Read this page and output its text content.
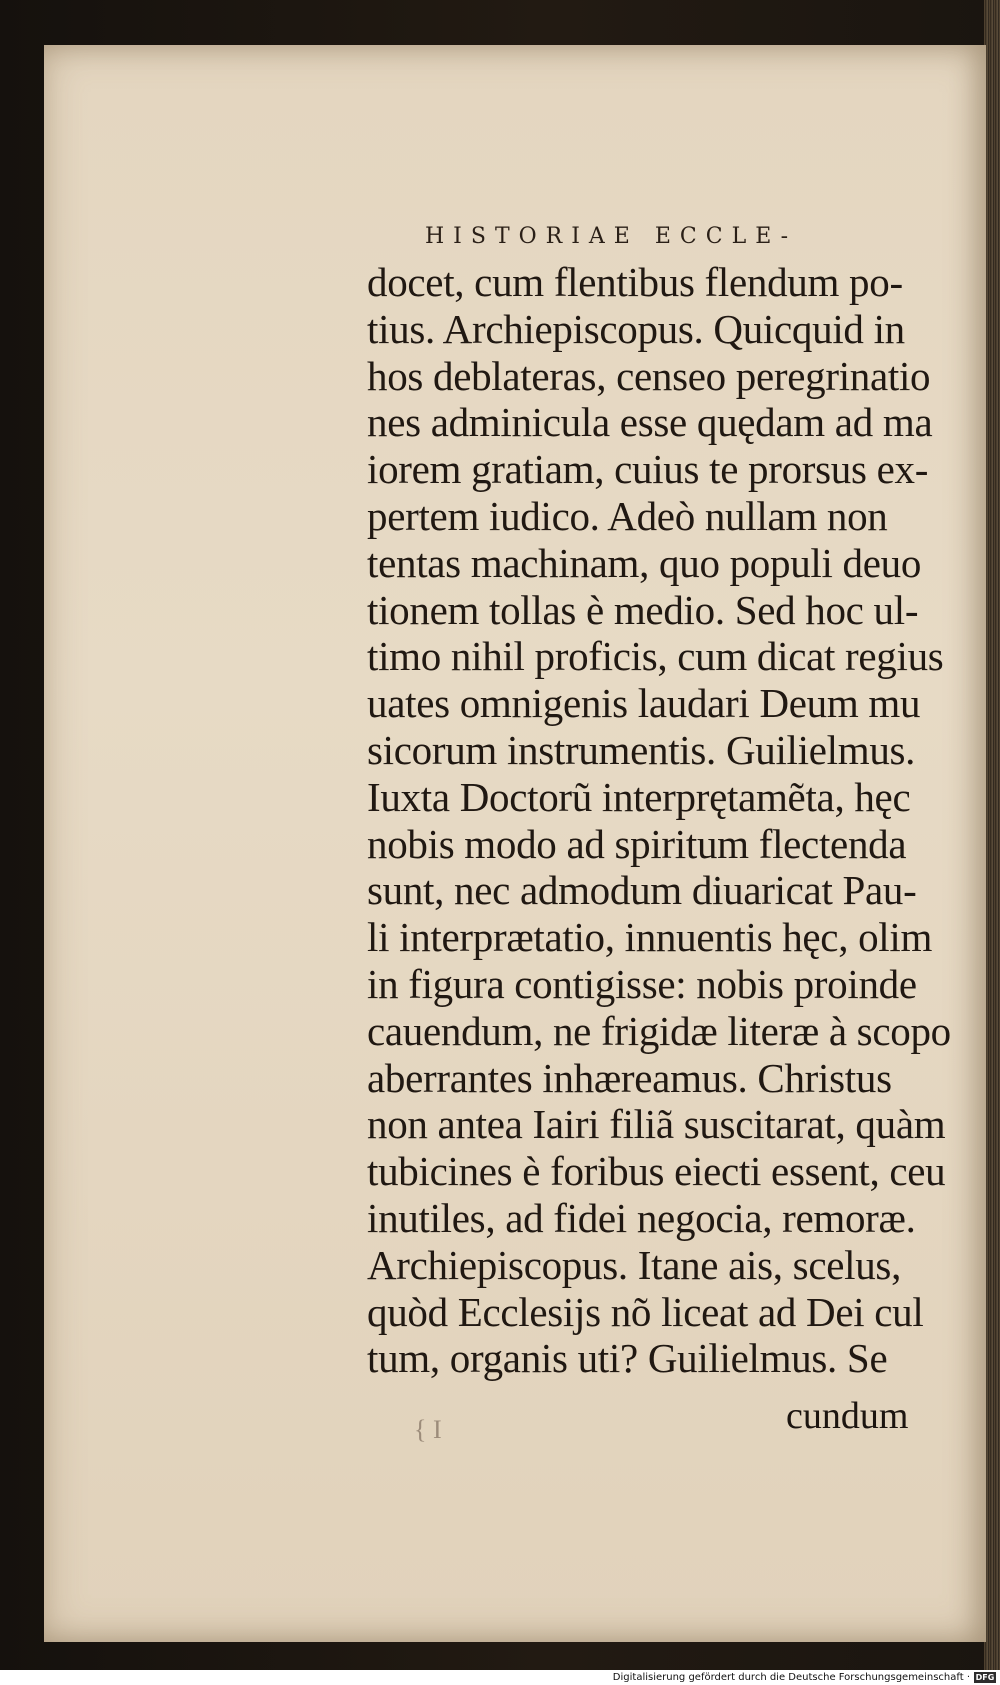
HISTORIAE ECCLE-
docet, cum flentibus flendum po-
tius. Archiepiscopus. Quicquid in
hos deblateras, censeo peregrinatio
nes adminicula esse quędam ad ma
iorem gratiam, cuius te prorsus ex-
pertem iudico. Adeò nullam non
tentas machinam, quo populi deuo
tionem tollas è medio. Sed hoc ul-
timo nihil proficis, cum dicat regius
uates omnigenis laudari Deum mu
sicorum instrumentis. Guilielmus.
Iuxta Doctorũ interprętamẽta, hęc
nobis modo ad spiritum flectenda
sunt, nec admodum diuaricat Pau-
li interprætatio, innuentis hęc, olim
in figura contigisse: nobis proinde
cauendum, ne frigidæ literæ à scopo
aberrantes inhæreamus. Christus
non antea Iairi filiã suscitarat, quàm
tubicines è foribus eiecti essent, ceu
inutiles, ad fidei negocia, remoræ.
Archiepiscopus. Itane ais, scelus,
quòd Ecclesijs nõ liceat ad Dei cul
tum, organis uti? Guilielmus. Se
{ I	cundum
Digitalisierung gefördert durch die Deutsche Forschungsgemeinschaft · DFG
